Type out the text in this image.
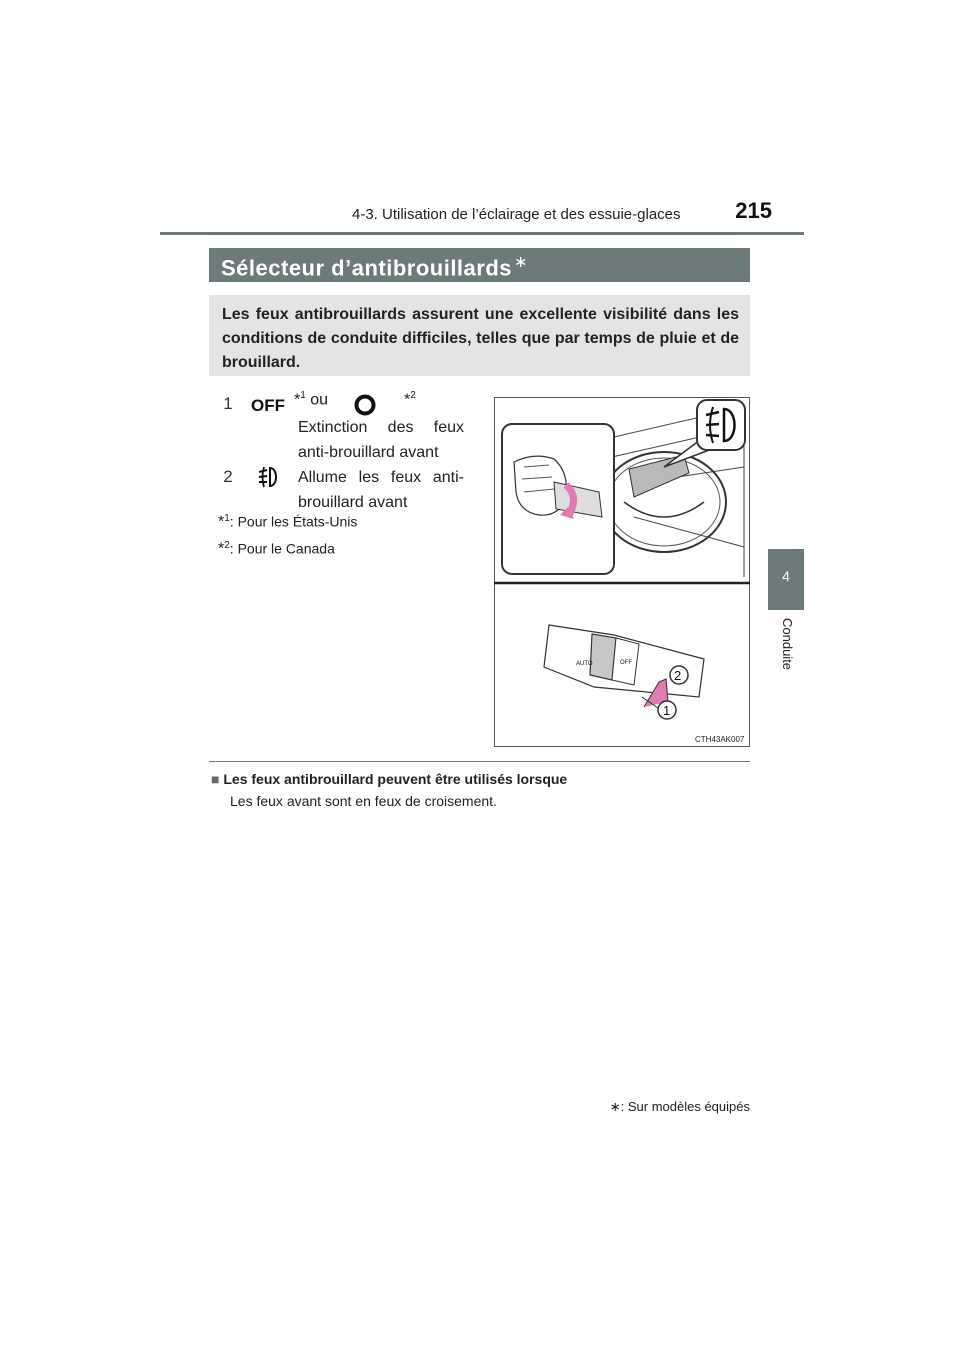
4-3. Utilisation de l’éclairage et des essuie-glaces	215
4
Conduite
Sélecteur d’antibrouillards ∗
Les feux antibrouillards assurent une excellente visibilité dans les conditions de conduite difficiles, telles que par temps de pluie et de brouillard.
1 OFF *$^1$ ou	*$^2$
Extinction des feux anti-brouillard avant
2	Allume les feux anti-brouillard avant
*$^1$: Pour les États-Unis
*$^2$: Pour le Canada
AUTO	OFF
2
1
CTH43AK007
■ Les feux antibrouillard peuvent être utilisés lorsque
Les feux avant sont en feux de croisement.
∗: Sur modèles équipés
